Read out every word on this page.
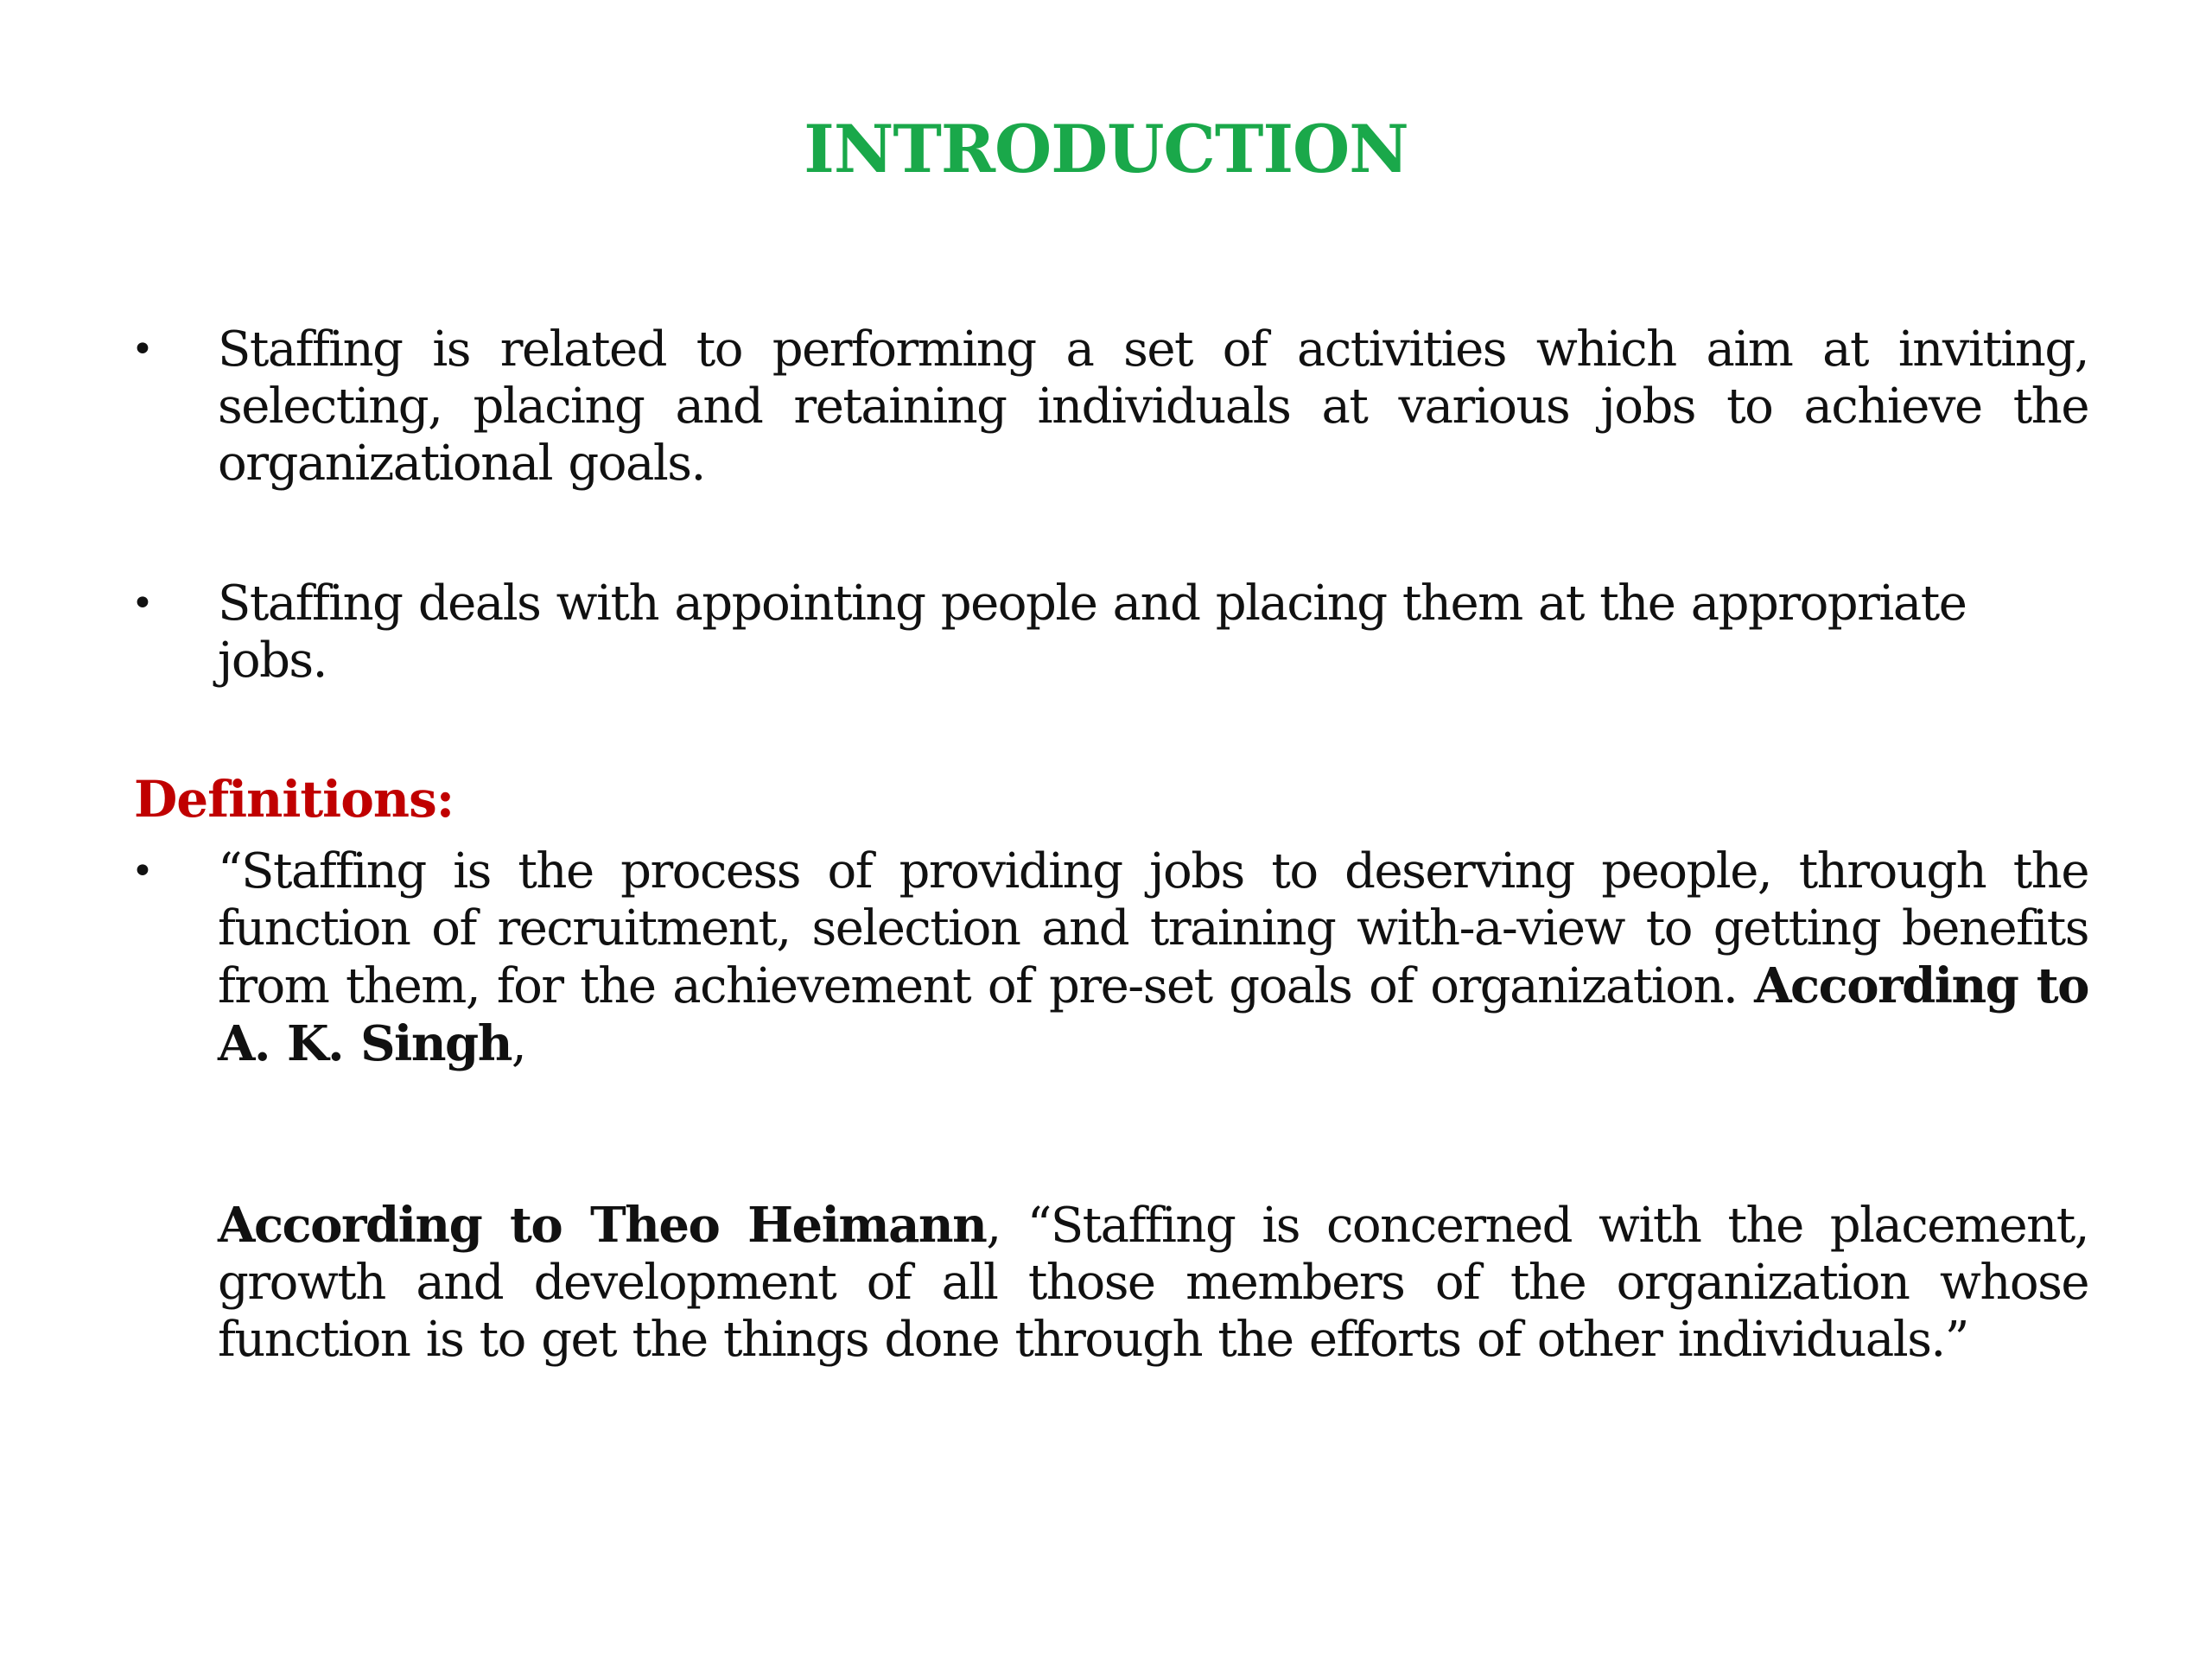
INTRODUCTION
• Staffing is related to performing a set of activities which aim at inviting, selecting, placing and retaining individuals at various jobs to achieve the organizational goals.
• Staffing deals with appointing people and placing them at the appropriate jobs.
Definitions:
• “Staffing is the process of providing jobs to deserving people, through the function of recruitment, selection and training with-a-view to getting benefits from them, for the achievement of pre-set goals of organization. According to A. K. Singh,
According to Theo Heimann, “Staffing is concerned with the placement, growth and development of all those members of the organization whose function is to get the things done through the efforts of other individuals.”
